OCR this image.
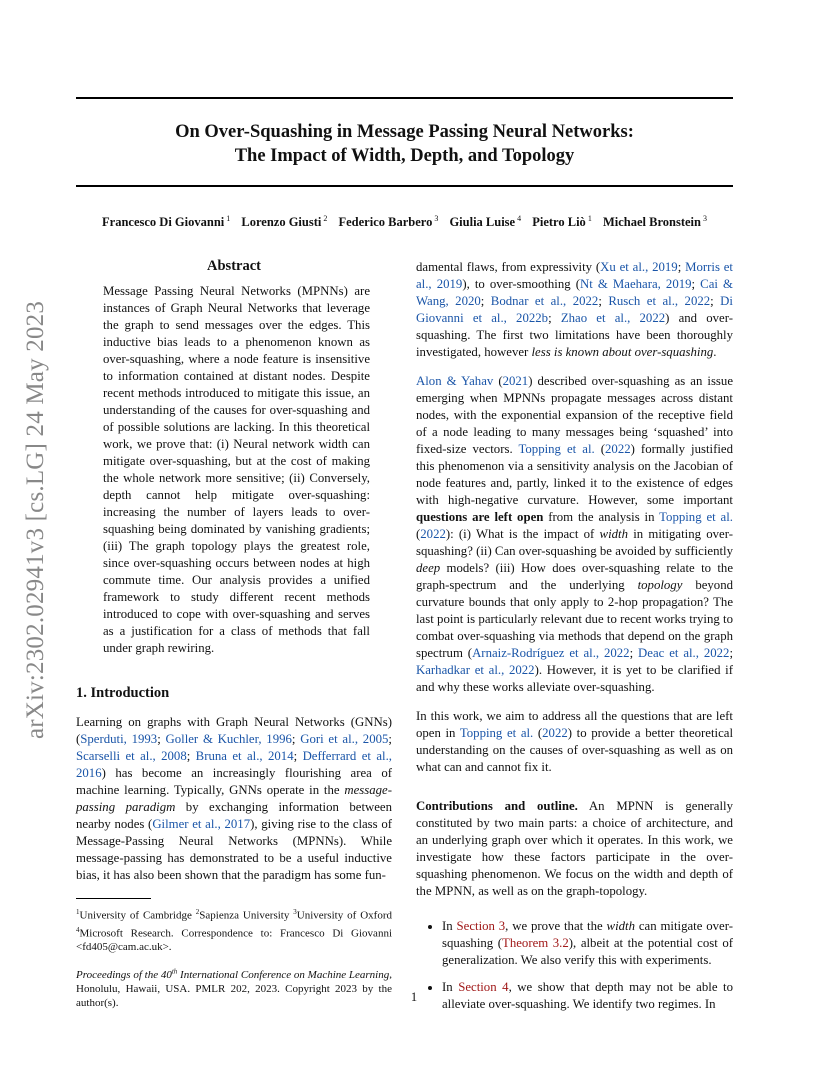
On Over-Squashing in Message Passing Neural Networks:
The Impact of Width, Depth, and Topology
Francesco Di Giovanni $^1$ Lorenzo Giusti $^2$ Federico Barbero $^3$ Giulia Luise $^4$ Pietro Liò $^1$ Michael Bronstein $^3$
arXiv:2302.02941v3 [cs.LG] 24 May 2023
Abstract
Message Passing Neural Networks (MPNNs) are instances of Graph Neural Networks that leverage the graph to send messages over the edges. This inductive bias leads to a phenomenon known as over-squashing, where a node feature is insensitive to information contained at distant nodes. Despite recent methods introduced to mitigate this issue, an understanding of the causes for over-squashing and of possible solutions are lacking. In this theoretical work, we prove that: (i) Neural network width can mitigate over-squashing, but at the cost of making the whole network more sensitive; (ii) Conversely, depth cannot help mitigate over-squashing: increasing the number of layers leads to over-squashing being dominated by vanishing gradients; (iii) The graph topology plays the greatest role, since over-squashing occurs between nodes at high commute time. Our analysis provides a unified framework to study different recent methods introduced to cope with over-squashing and serves as a justification for a class of methods that fall under graph rewiring.
1. Introduction

Learning on graphs with Graph Neural Networks (GNNs) (Sperduti, 1993; Goller & Kuchler, 1996; Gori et al., 2005; Scarselli et al., 2008; Bruna et al., 2014; Defferrard et al., 2016) has become an increasingly flourishing area of machine learning. Typically, GNNs operate in the message-passing paradigm by exchanging information between nearby nodes (Gilmer et al., 2017), giving rise to the class of Message-Passing Neural Networks (MPNNs). While message-passing has demonstrated to be a useful inductive bias, it has also been shown that the paradigm has some fun-

$^1$University of Cambridge $^2$Sapienza University $^3$University of Oxford $^4$Microsoft Research. Correspondence to: Francesco Di Giovanni <fd405@cam.ac.uk>.
Proceedings of the 40th International Conference on Machine Learning, Honolulu, Hawaii, USA. PMLR 202, 2023. Copyright 2023 by the author(s).

damental flaws, from expressivity (Xu et al., 2019; Morris et al., 2019), to over-smoothing (Nt & Maehara, 2019; Cai & Wang, 2020; Bodnar et al., 2022; Rusch et al., 2022; Di Giovanni et al., 2022b; Zhao et al., 2022) and over-squashing. The first two limitations have been thoroughly investigated, however less is known about over-squashing.

Alon & Yahav (2021) described over-squashing as an issue emerging when MPNNs propagate messages across distant nodes, with the exponential expansion of the receptive field of a node leading to many messages being ‘squashed’ into fixed-size vectors. Topping et al. (2022) formally justified this phenomenon via a sensitivity analysis on the Jacobian of node features and, partly, linked it to the existence of edges with high-negative curvature. However, some important questions are left open from the analysis in Topping et al. (2022): (i) What is the impact of width in mitigating over-squashing? (ii) Can over-squashing be avoided by sufficiently deep models? (iii) How does over-squashing relate to the graph-spectrum and the underlying topology beyond curvature bounds that only apply to 2-hop propagation? The last point is particularly relevant due to recent works trying to combat over-squashing via methods that depend on the graph spectrum (Arnaiz-Rodríguez et al., 2022; Deac et al., 2022; Karhadkar et al., 2022). However, it is yet to be clarified if and why these works alleviate over-squashing.

In this work, we aim to address all the questions that are left open in Topping et al. (2022) to provide a better theoretical understanding on the causes of over-squashing as well as on what can and cannot fix it.

Contributions and outline. An MPNN is generally constituted by two main parts: a choice of architecture, and an underlying graph over which it operates. In this work, we investigate how these factors participate in the over-squashing phenomenon. We focus on the width and depth of the MPNN, as well as on the graph-topology.

• In Section 3, we prove that the width can mitigate over-squashing (Theorem 3.2), albeit at the potential cost of generalization. We also verify this with experiments.
• In Section 4, we show that depth may not be able to alleviate over-squashing. We identify two regimes. In
1
